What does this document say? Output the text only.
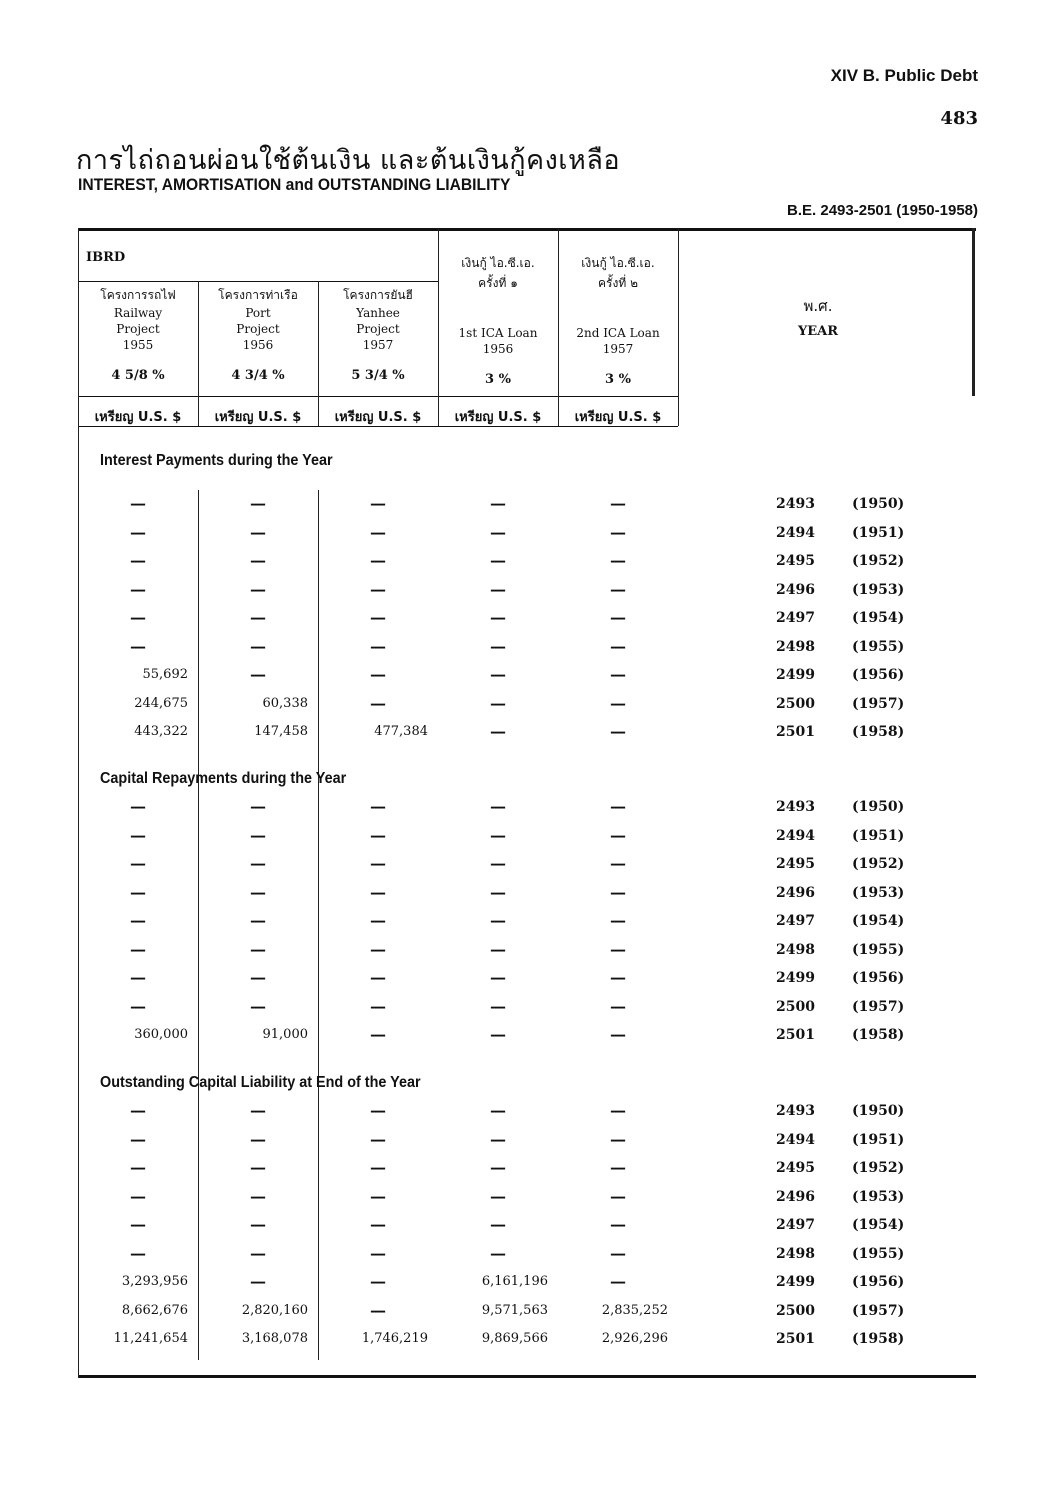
XIV B. Public Debt
483
การไถ่ถอนผ่อนใช้ต้นเงิน และต้นเงินกู้คงเหลือ
INTEREST, AMORTISATION and OUTSTANDING LIABILITY
B.E. 2493-2501 (1950-1958)
IBRD
โครงการรถไฟ
Railway
Project
1955
4 5/8 %
โครงการท่าเรือ
Port
Project
1956
4 3/4 %
โครงการยันฮี
Yanhee
Project
1957
5 3/4 %
เงินกู้ ไอ.ซี.เอ.
ครั้งที่ ๑
1st ICA Loan
1956
3 %
เงินกู้ ไอ.ซี.เอ.
ครั้งที่ ๒
2nd ICA Loan
1957
3 %
พ.ศ.
YEAR
เหรียญ U.S. $	เหรียญ U.S. $	เหรียญ U.S. $	เหรียญ U.S. $	เหรียญ U.S. $
Interest Payments during the Year
Capital Repayments during the Year
Outstanding Capital Liability at End of the Year
—	—	—	—	—	2493	(1950)
—	—	—	—	—	2494	(1951)
—	—	—	—	—	2495	(1952)
—	—	—	—	—	2496	(1953)
—	—	—	—	—	2497	(1954)
—	—	—	—	—	2498	(1955)
55,692	—	—	—	—	2499	(1956)
244,675	60,338	—	—	—	2500	(1957)
443,322	147,458	477,384	—	—	2501	(1958)
—	—	—	—	—	2493	(1950)
—	—	—	—	—	2494	(1951)
—	—	—	—	—	2495	(1952)
—	—	—	—	—	2496	(1953)
—	—	—	—	—	2497	(1954)
—	—	—	—	—	2498	(1955)
—	—	—	—	—	2499	(1956)
—	—	—	—	—	2500	(1957)
360,000	91,000	—	—	—	2501	(1958)
—	—	—	—	—	2493	(1950)
—	—	—	—	—	2494	(1951)
—	—	—	—	—	2495	(1952)
—	—	—	—	—	2496	(1953)
—	—	—	—	—	2497	(1954)
—	—	—	—	—	2498	(1955)
3,293,956	—	—	6,161,196	—	2499	(1956)
8,662,676	2,820,160	—	9,571,563	2,835,252	2500	(1957)
11,241,654	3,168,078	1,746,219	9,869,566	2,926,296	2501	(1958)
